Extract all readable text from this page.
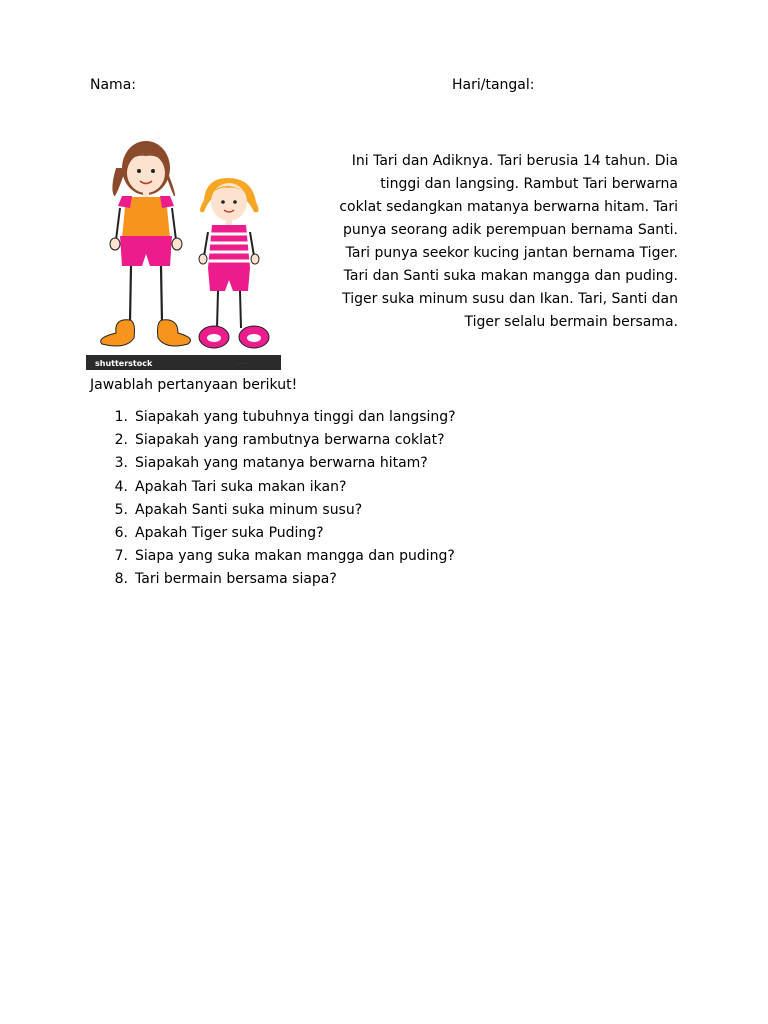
Nama:	Hari/tangal:
shutterstock	··············

Ini Tari dan Adiknya. Tari berusia 14 tahun. Dia
tinggi dan langsing. Rambut Tari berwarna
coklat sedangkan matanya berwarna hitam. Tari
punya seorang adik perempuan bernama Santi.
Tari punya seekor kucing jantan bernama Tiger.
Tari dan Santi suka makan mangga dan puding.
Tiger suka minum susu dan Ikan. Tari, Santi dan
Tiger selalu bermain bersama.

Jawablah pertanyaan berikut!

1. Siapakah yang tubuhnya tinggi dan langsing?
2. Siapakah yang rambutnya berwarna coklat?
3. Siapakah yang matanya berwarna hitam?
4. Apakah Tari suka makan ikan?
5. Apakah Santi suka minum susu?
6. Apakah Tiger suka Puding?
7. Siapa yang suka makan mangga dan puding?
8. Tari bermain bersama siapa?
